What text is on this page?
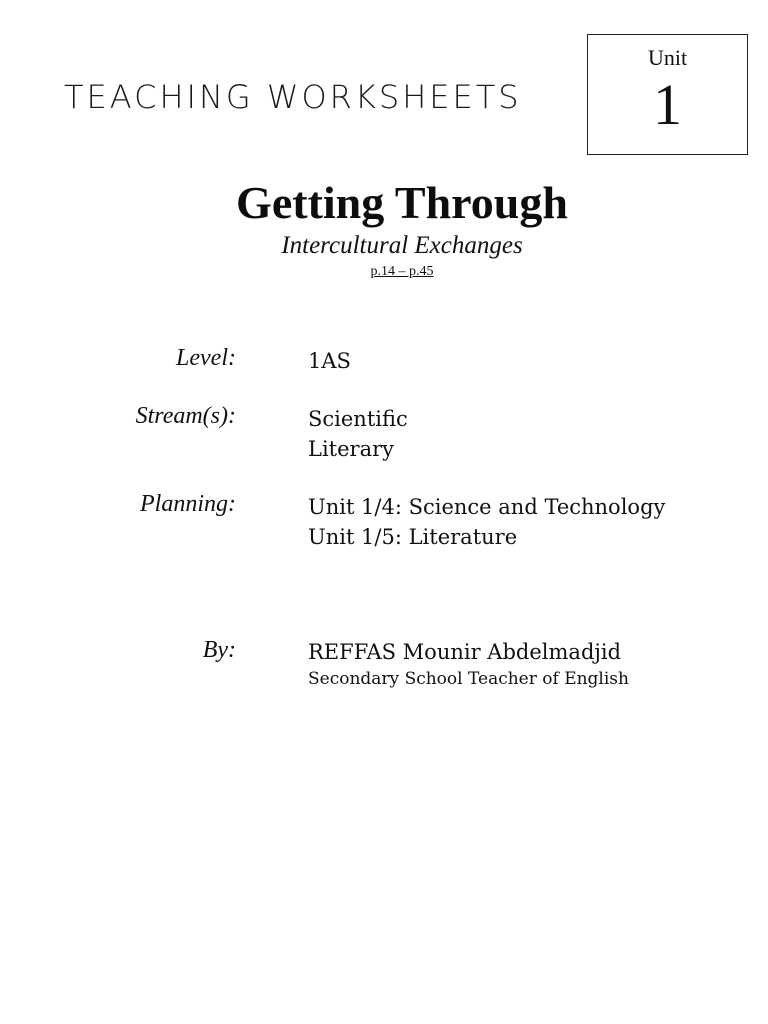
TEACHING WORKSHEETS
Unit
1
Getting Through
Intercultural Exchanges
p.14 – p.45
Level:	1AS
Stream(s):	Scientific
Literary
Planning:	Unit 1/4: Science and Technology
Unit 1/5: Literature
By:	REFFAS Mounir Abdelmadjid
Secondary School Teacher of English
